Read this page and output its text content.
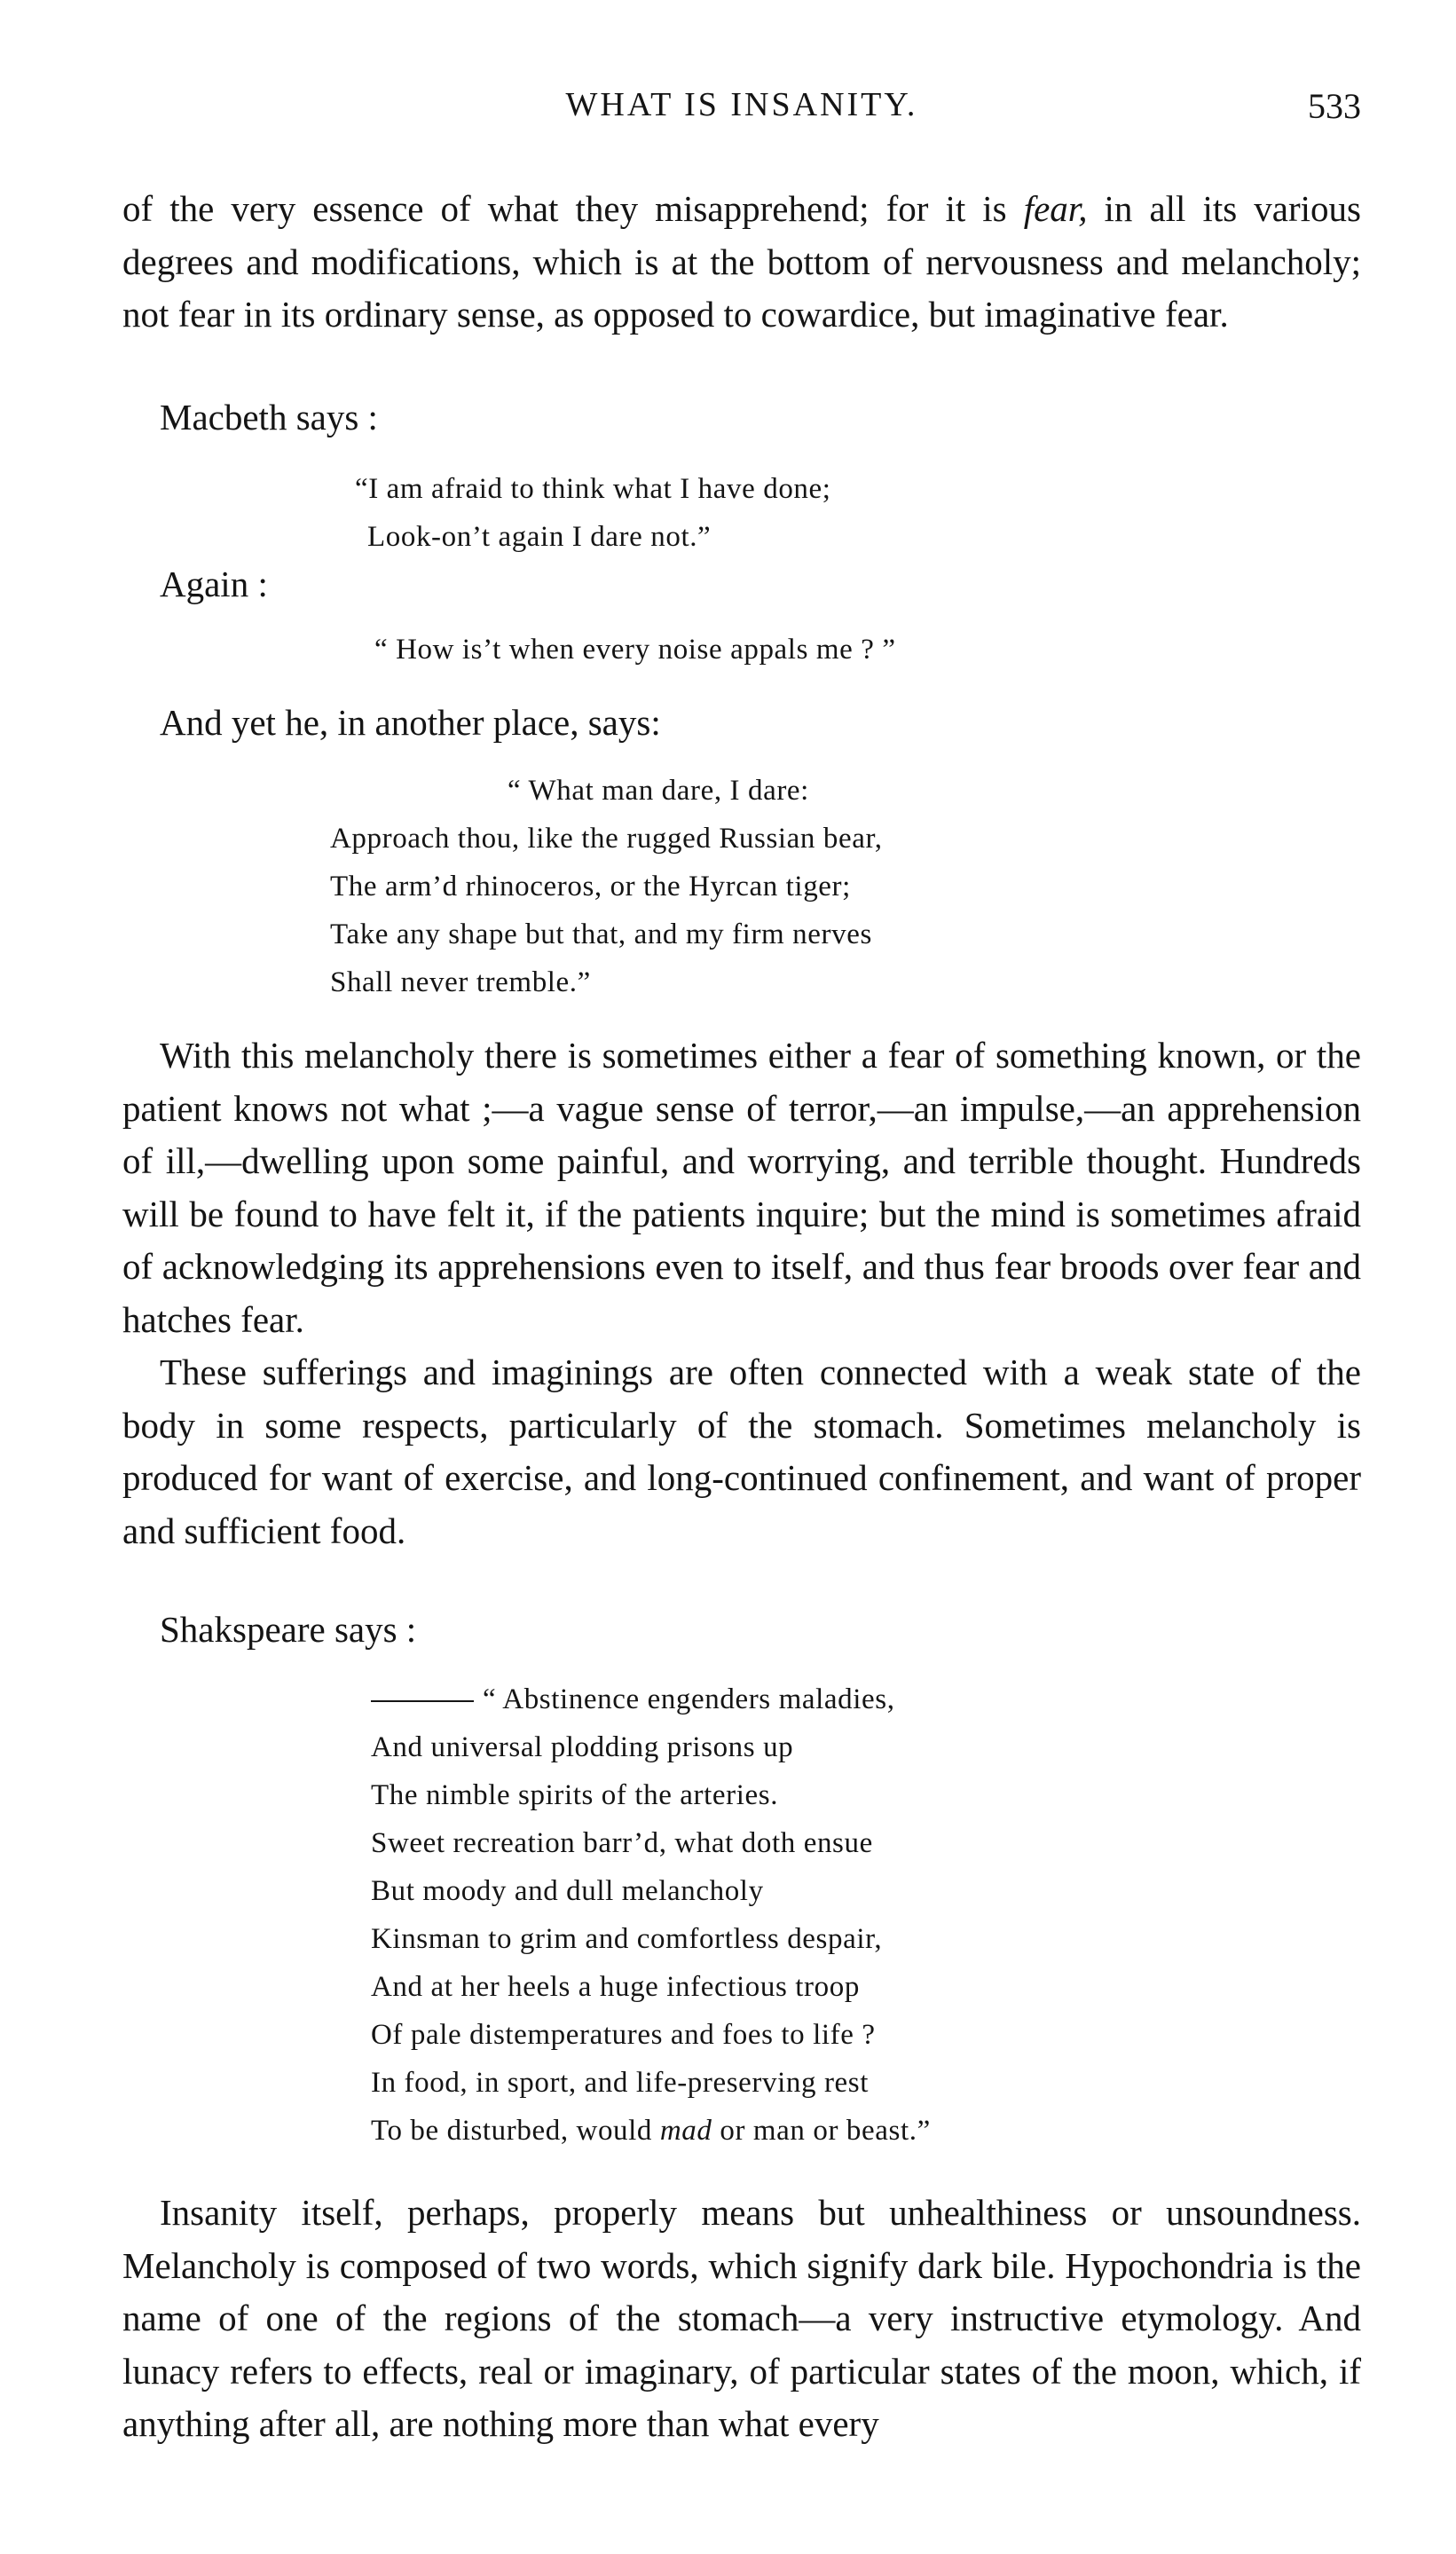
WHAT IS INSANITY.	533

of the very essence of what they misapprehend; for it is fear, in all its various degrees and modifications, which is at the bottom of nervousness and melancholy; not fear in its ordinary sense, as opposed to cowardice, but imaginative fear.

Macbeth says :
“I am afraid to think what I have done;
Look-on’t again I dare not.”
Again :
“ How is’t when every noise appals me ? ”
And yet he, in another place, says:
“ What man dare, I dare:
Approach thou, like the rugged Russian bear,
The arm’d rhinoceros, or the Hyrcan tiger;
Take any shape but that, and my firm nerves
Shall never tremble.”

With this melancholy there is sometimes either a fear of something known, or the patient knows not what ;—a vague sense of terror,—an impulse,—an apprehension of ill,—dwelling upon some painful, and worrying, and terrible thought. Hundreds will be found to have felt it, if the patients inquire; but the mind is sometimes afraid of acknowledging its apprehensions even to itself, and thus fear broods over fear and hatches fear.

These sufferings and imaginings are often connected with a weak state of the body in some respects, particularly of the stomach. Sometimes melancholy is produced for want of exercise, and long-continued confinement, and want of proper and sufficient food.

Shakspeare says :
“ Abstinence engenders maladies,
And universal plodding prisons up
The nimble spirits of the arteries.
Sweet recreation barr’d, what doth ensue
But moody and dull melancholy
Kinsman to grim and comfortless despair,
And at her heels a huge infectious troop
Of pale distemperatures and foes to life ?
In food, in sport, and life-preserving rest
To be disturbed, would mad or man or beast.”

Insanity itself, perhaps, properly means but unhealthiness or unsoundness. Melancholy is composed of two words, which signify dark bile. Hypochondria is the name of one of the regions of the stomach—a very instructive etymology. And lunacy refers to effects, real or imaginary, of particular states of the moon, which, if anything after all, are nothing more than what every
